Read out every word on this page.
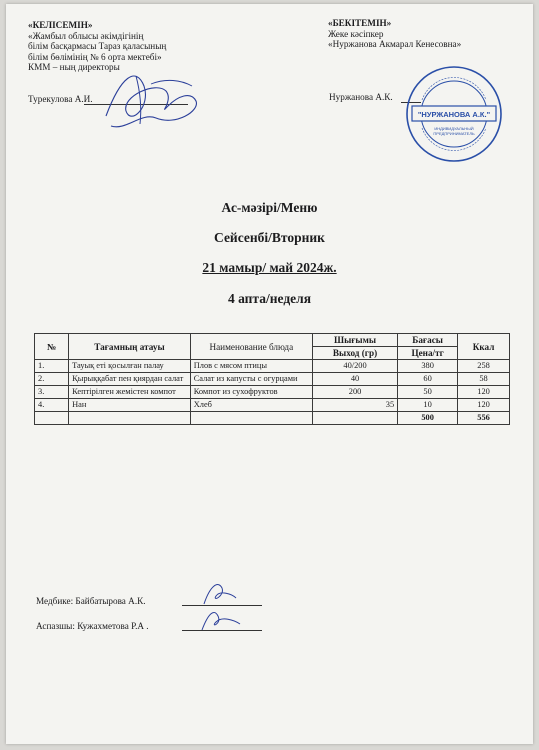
«КЕЛІСЕМІН»
«Жамбыл облысы әкімдігінің
білім басқармасы Тараз қаласының
білім бөлімінің № 6 орта мектебі»
КММ – ның директоры
Турекулова А.И.
«БЕКІТЕМІН»
Жеке кәсіпкер
«Нуржанова Акмарал Кенесовна»
Нуржанова А.К.
"НУРЖАНОВА А.К."
ИНДИВИДУАЛЬНЫЙ
ПРЕДПРИНИМАТЕЛЬ
Ас-мәзірі/Меню
Сейсенбі/Вторник
21 мамыр/ май 2024ж.
4 апта/неделя
№	Тағамның атауы	Наименование блюда	Шығымы	Бағасы	Ккал
			Выход (гр)	Цена/тг	
1.	Тауық еті қосылған палау	Плов с мясом птицы	40/200	380	258
2.	Қырыққабат пен қиярдан салат	Салат из капусты с огурцами	40	60	58
3.	Кептірілген жемістен компот	Компот из сухофруктов	200	50	120
4.	Нан	Хлеб	35	10	120
				500	556
Медбике: Байбатырова А.К.
Аспазшы: Кужахметова Р.А .
